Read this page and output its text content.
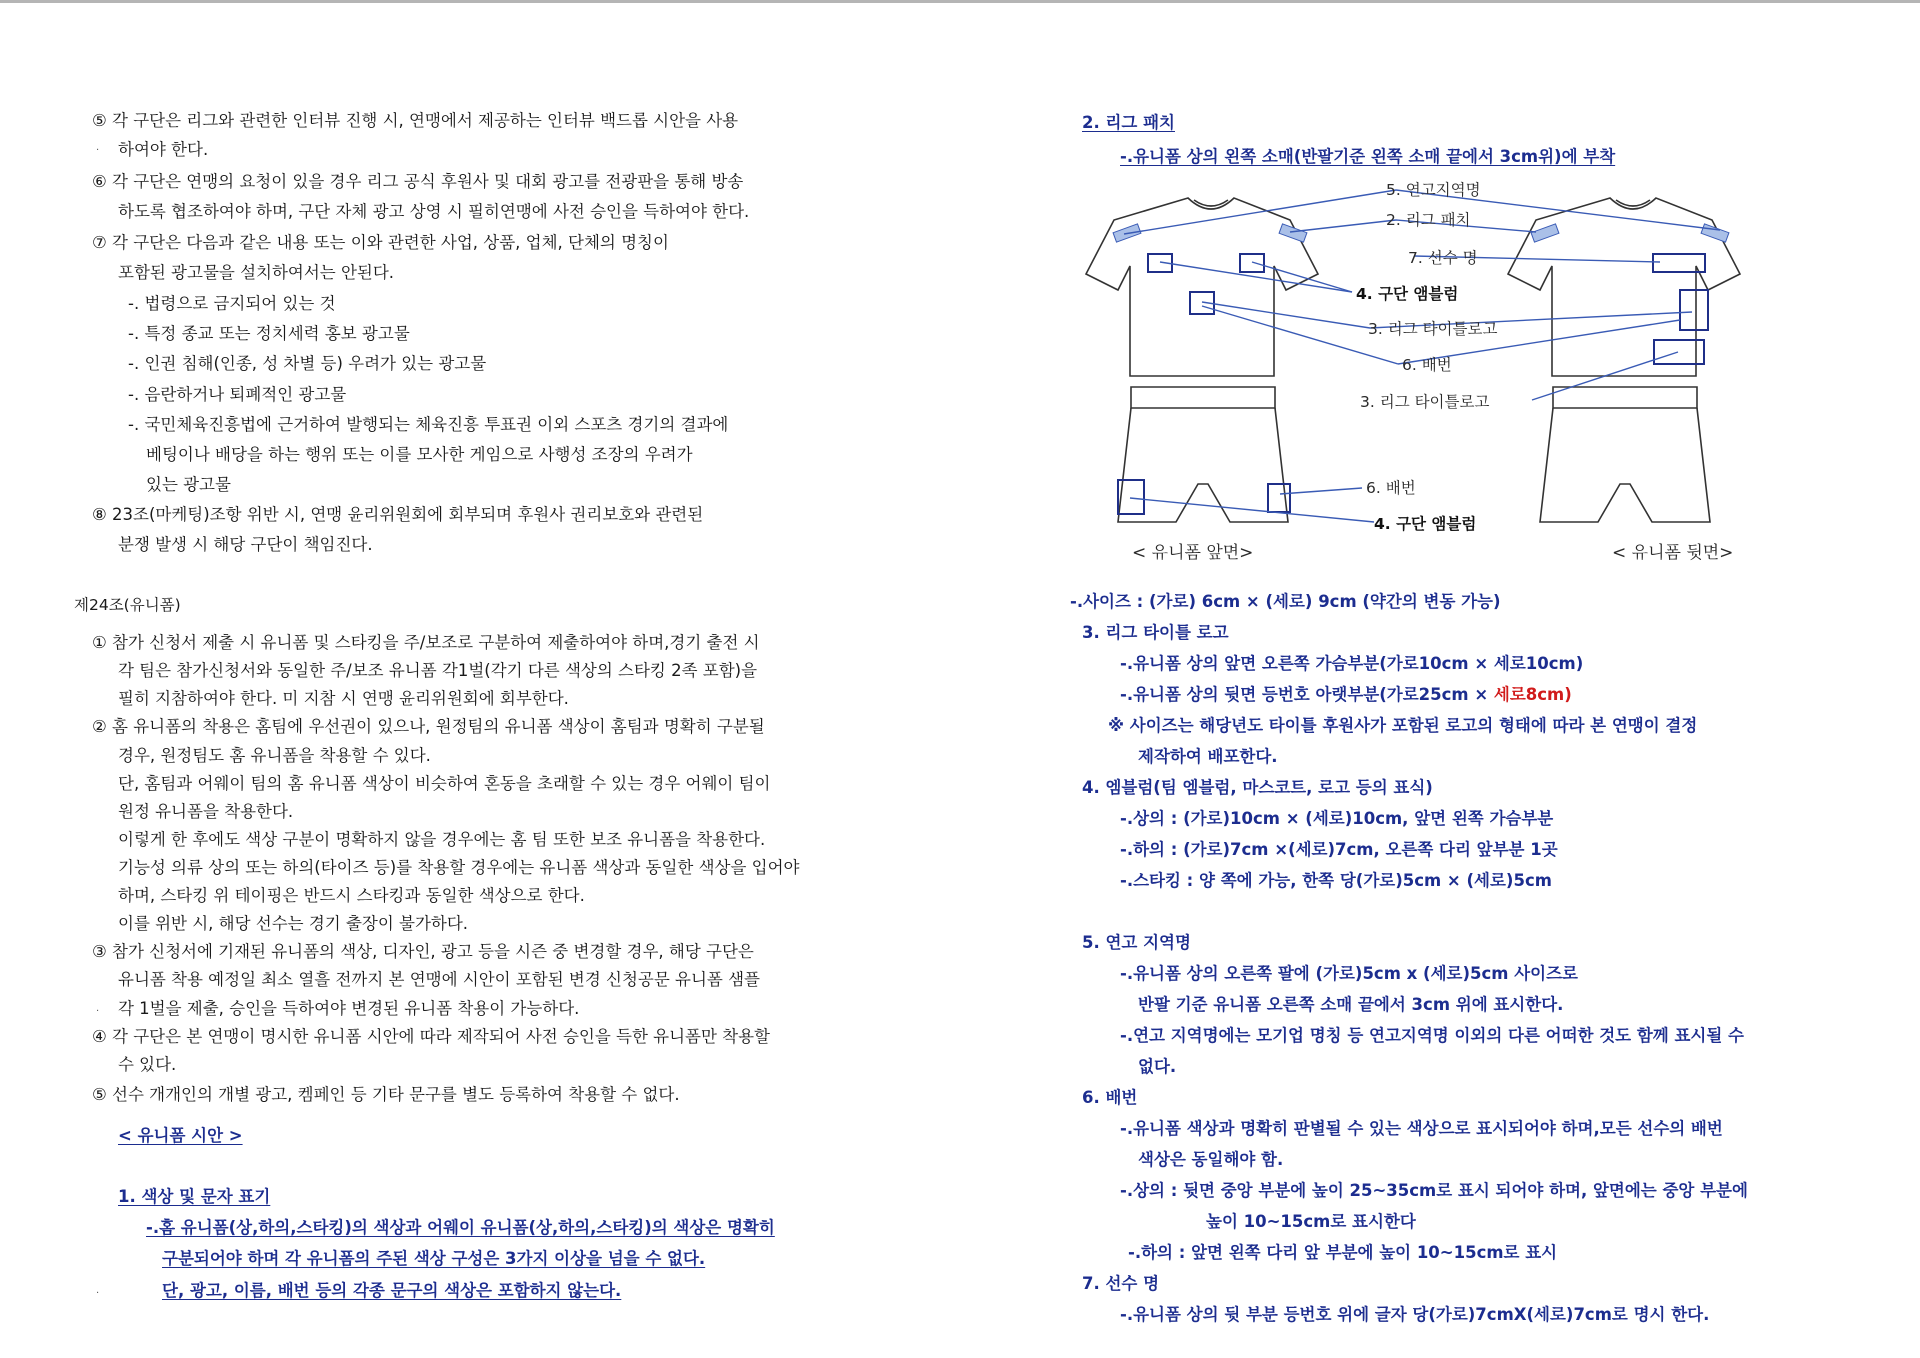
⑤ 각 구단은 리그와 관련한 인터뷰 진행 시, 연맹에서 제공하는 인터뷰 백드롭 시안을 사용
. 하여야 한다.
⑥ 각 구단은 연맹의 요청이 있을 경우 리그 공식 후원사 및 대회 광고를 전광판을 통해 방송
하도록 협조하여야 하며, 구단 자체 광고 상영 시 필히연맹에 사전 승인을 득하여야 한다.
⑦ 각 구단은 다음과 같은 내용 또는 이와 관련한 사업, 상품, 업체, 단체의 명칭이
포함된 광고물을 설치하여서는 안된다.
-. 법령으로 금지되어 있는 것
-. 특정 종교 또는 정치세력 홍보 광고물
-. 인권 침해(인종, 성 차별 등) 우려가 있는 광고물
-. 음란하거나 퇴폐적인 광고물
-. 국민체육진흥법에 근거하여 발행되는 체육진흥 투표권 이외 스포츠 경기의 결과에
베팅이나 배당을 하는 행위 또는 이를 모사한 게임으로 사행성 조장의 우려가
있는 광고물
⑧ 23조(마케팅)조항 위반 시, 연맹 윤리위원회에 회부되며 후원사 권리보호와 관련된
분쟁 발생 시 해당 구단이 책임진다.
제24조(유니폼)
① 참가 신청서 제출 시 유니폼 및 스타킹을 주/보조로 구분하여 제출하여야 하며,경기 출전 시
각 팀은 참가신청서와 동일한 주/보조 유니폼 각1벌(각기 다른 색상의 스타킹 2족 포함)을
필히 지참하여야 한다. 미 지참 시 연맹 윤리위원회에 회부한다.
② 홈 유니폼의 착용은 홈팀에 우선권이 있으나, 원정팀의 유니폼 색상이 홈팀과 명확히 구분될
경우, 원정팀도 홈 유니폼을 착용할 수 있다.
단, 홈팀과 어웨이 팀의 홈 유니폼 색상이 비슷하여 혼동을 초래할 수 있는 경우 어웨이 팀이
원정 유니폼을 착용한다.
이렇게 한 후에도 색상 구분이 명확하지 않을 경우에는 홈 팀 또한 보조 유니폼을 착용한다.
기능성 의류 상의 또는 하의(타이즈 등)를 착용할 경우에는 유니폼 색상과 동일한 색상을 입어야
하며, 스타킹 위 테이핑은 반드시 스타킹과 동일한 색상으로 한다.
이를 위반 시, 해당 선수는 경기 출장이 불가하다.
③ 참가 신청서에 기재된 유니폼의 색상, 디자인, 광고 등을 시즌 중 변경할 경우, 해당 구단은
유니폼 착용 예정일 최소 열흘 전까지 본 연맹에 시안이 포함된 변경 신청공문 유니폼 샘플
. 각 1벌을 제출, 승인을 득하여야 변경된 유니폼 착용이 가능하다.
④ 각 구단은 본 연맹이 명시한 유니폼 시안에 따라 제작되어 사전 승인을 득한 유니폼만 착용할
수 있다.
⑤ 선수 개개인의 개별 광고, 켐페인 등 기타 문구를 별도 등록하여 착용할 수 없다.
< 유니폼 시안 >
1. 색상 및 문자 표기
-.홈 유니폼(상,하의,스타킹)의 색상과 어웨이 유니폼(상,하의,스타킹)의 색상은 명확히
구분되어야 하며 각 유니폼의 주된 색상 구성은 3가지 이상을 넘을 수 없다.
.	단, 광고, 이름, 배번 등의 각종 문구의 색상은 포함하지 않는다.
2. 리그 패치
-.유니폼 상의 왼쪽 소매(반팔기준 왼쪽 소매 끝에서 3cm위)에 부착
5. 연고지역명
2. 리그 패치
7. 선수 명
4. 구단 앰블럼
3. 리그 타이틀로고
6. 배번
3. 리그 타이틀로고
6. 배번
4. 구단 앰블럼
< 유니폼 앞면>	< 유니폼 뒷면>
-.사이즈 : (가로) 6cm × (세로) 9cm (약간의 변동 가능)
3. 리그 타이틀 로고
-.유니폼 상의 앞면 오른쪽 가슴부분(가로10cm × 세로10cm)
-.유니폼 상의 뒷면 등번호 아랫부분(가로25cm × 세로8cm)
※ 사이즈는 해당년도 타이틀 후원사가 포함된 로고의 형태에 따라 본 연맹이 결정
제작하여 배포한다.
4. 엠블럼(팀 엠블럼, 마스코트, 로고 등의 표식)
-.상의 : (가로)10cm × (세로)10cm, 앞면 왼쪽 가슴부분
-.하의 : (가로)7cm ×(세로)7cm, 오른쪽 다리 앞부분 1곳
-.스타킹 : 양 쪽에 가능, 한쪽 당(가로)5cm × (세로)5cm
5. 연고 지역명
-.유니폼 상의 오른쪽 팔에 (가로)5cm x (세로)5cm 사이즈로
반팔 기준 유니폼 오른쪽 소매 끝에서 3cm 위에 표시한다.
-.연고 지역명에는 모기업 명칭 등 연고지역명 이외의 다른 어떠한 것도 함께 표시될 수
없다.
6. 배번
-.유니폼 색상과 명확히 판별될 수 있는 색상으로 표시되어야 하며,모든 선수의 배번
색상은 동일해야 함.
-.상의 : 뒷면 중앙 부분에 높이 25~35cm로 표시 되어야 하며, 앞면에는 중앙 부분에
높이 10~15cm로 표시한다
-.하의 : 앞면 왼쪽 다리 앞 부분에 높이 10~15cm로 표시
7. 선수 명
-.유니폼 상의 뒷 부분 등번호 위에 글자 당(가로)7cmX(세로)7cm로 명시 한다.
